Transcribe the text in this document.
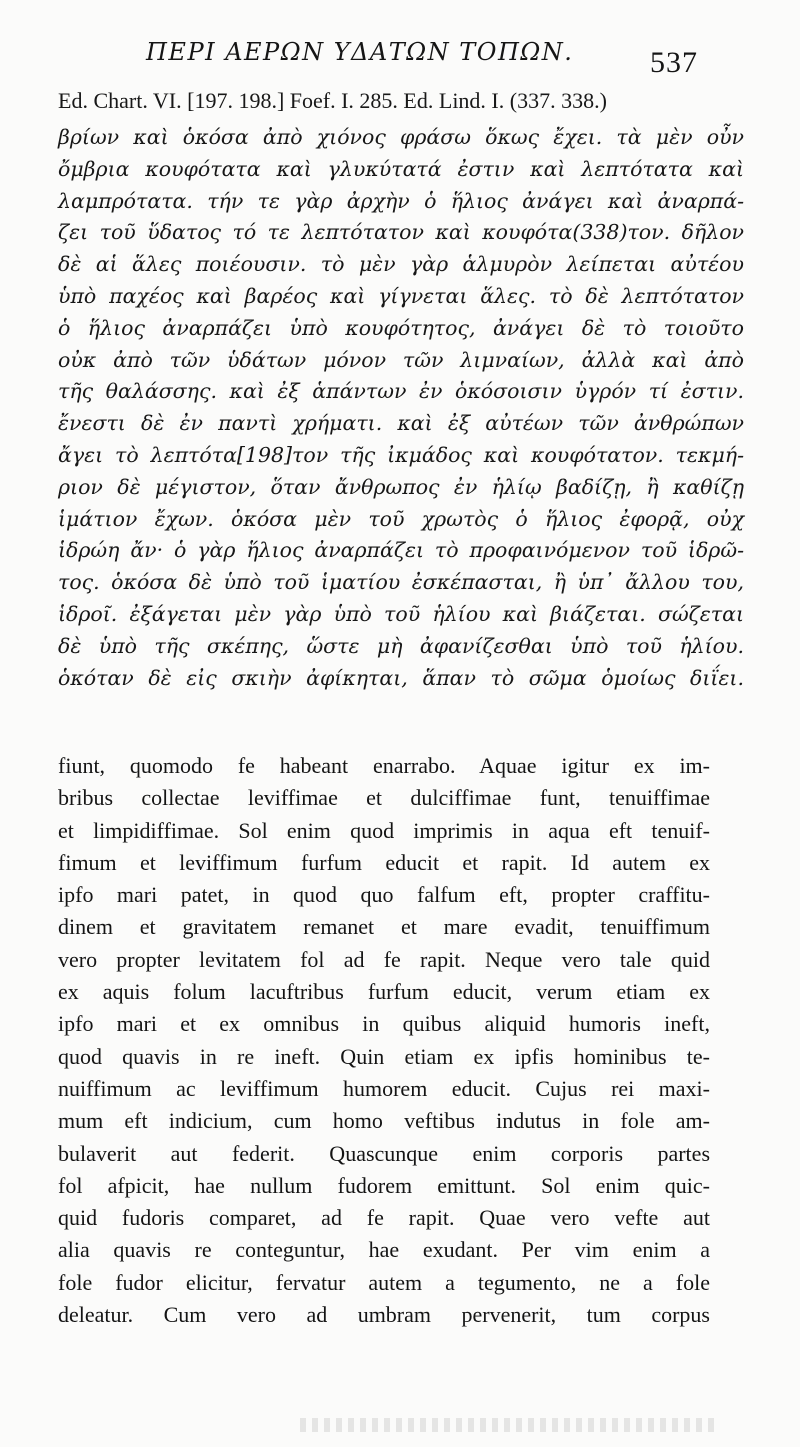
ΠΕΡΙ ΑΕΡΩΝ ΥΔΑΤΩΝ ΤΟΠΩΝ.	537
Ed. Chart. VI. [197. 198.] Foef. I. 285. Ed. Lind. I. (337. 338.)
βρίων καὶ ὁκόσα ἀπὸ χιόνος φράσω ὅκως ἔχει. τὰ μὲν οὖν
ὄμβρια κουφότατα καὶ γλυκύτατά ἐστιν καὶ λεπτότατα καὶ
λαμπρότατα. τήν τε γὰρ ἀρχὴν ὁ ἥλιος ἀνάγει καὶ ἀναρπά-
ζει τοῦ ὕδατος τό τε λεπτότατον καὶ κουφότα(338)τον. δῆλον
δὲ αἱ ἅλες ποιέουσιν. τὸ μὲν γὰρ ἁλμυρὸν λείπεται αὐτέου
ὑπὸ παχέος καὶ βαρέος καὶ γίγνεται ἅλες. τὸ δὲ λεπτότατον
ὁ ἥλιος ἀναρπάζει ὑπὸ κουφότητος, ἀνάγει δὲ τὸ τοιοῦτο
οὐκ ἀπὸ τῶν ὑδάτων μόνον τῶν λιμναίων, ἀλλὰ καὶ ἀπὸ
τῆς θαλάσσης. καὶ ἐξ ἁπάντων ἐν ὁκόσοισιν ὑγρόν τί ἐστιν.
ἔνεστι δὲ ἐν παντὶ χρήματι. καὶ ἐξ αὐτέων τῶν ἀνθρώπων
ἄγει τὸ λεπτότα[198]τον τῆς ἰκμάδος καὶ κουφότατον. τεκμή-
ριον δὲ μέγιστον, ὅταν ἄνθρωπος ἐν ἡλίῳ βαδίζῃ, ἢ καθίζῃ
ἱμάτιον ἔχων. ὁκόσα μὲν τοῦ χρωτὸς ὁ ἥλιος ἐφορᾷ, οὐχ
ἱδρώη ἄν· ὁ γὰρ ἥλιος ἀναρπάζει τὸ προφαινόμενον τοῦ ἱδρῶ-
τος. ὁκόσα δὲ ὑπὸ τοῦ ἱματίου ἐσκέπασται, ἢ ὑπ᾽ ἄλλου του,
ἱδροῖ. ἐξάγεται μὲν γὰρ ὑπὸ τοῦ ἡλίου καὶ βιάζεται. σώζεται
δὲ ὑπὸ τῆς σκέπης, ὥστε μὴ ἀφανίζεσθαι ὑπὸ τοῦ ἡλίου.
ὁκόταν δὲ εἰς σκιὴν ἀφίκηται, ἅπαν τὸ σῶμα ὁμοίως διΐει.
fiunt, quomodo fe habeant enarrabo. Aquae igitur ex im-
bribus collectae leviffimae et dulciffimae funt, tenuiffimae
et limpidiffimae. Sol enim quod imprimis in aqua eft tenuif-
fimum et leviffimum furfum educit et rapit. Id autem ex
ipfo mari patet, in quod quo falfum eft, propter craffitu-
dinem et gravitatem remanet et mare evadit, tenuiffimum
vero propter levitatem fol ad fe rapit. Neque vero tale quid
ex aquis folum lacuftribus furfum educit, verum etiam ex
ipfo mari et ex omnibus in quibus aliquid humoris ineft,
quod quavis in re ineft. Quin etiam ex ipfis hominibus te-
nuiffimum ac leviffimum humorem educit. Cujus rei maxi-
mum eft indicium, cum homo veftibus indutus in fole am-
bulaverit aut federit. Quascunque enim corporis partes
fol afpicit, hae nullum fudorem emittunt. Sol enim quic-
quid fudoris comparet, ad fe rapit. Quae vero vefte aut
alia quavis re conteguntur, hae exudant. Per vim enim a
fole fudor elicitur, fervatur autem a tegumento, ne a fole
deleatur. Cum vero ad umbram pervenerit, tum corpus
